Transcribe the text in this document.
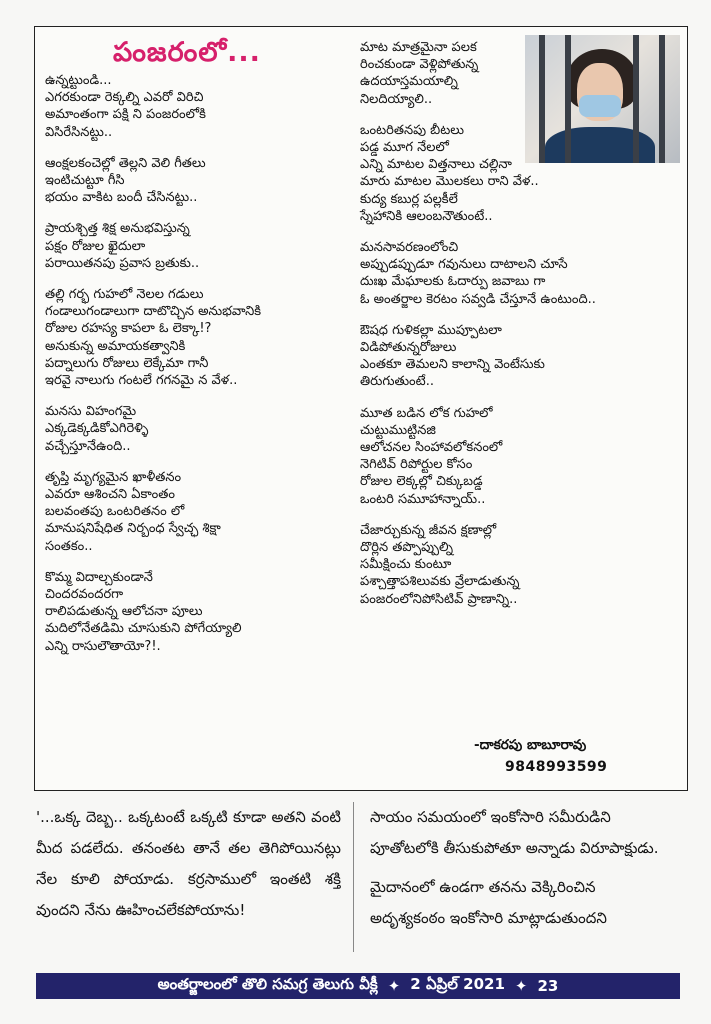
పంజరంలో...
ఉన్నట్టుండి...
ఎగరకుండా రెక్కల్ని ఎవరో విరిచి
అమాంతంగా పక్షి ని పంజరంలోకి
విసిరేసినట్టు..
ఆంక్షలకంచెల్లో తెల్లని వెలి గీతలు
ఇంటిచుట్టూ గీసి
భయం వాకిట బందీ చేసినట్టు..
ప్రాయశ్చిత్త శిక్ష అనుభవిస్తున్న
పక్షం రోజుల ఖైదులా
పరాయితనపు ప్రవాస బ్రతుకు..
తల్లి గర్భ గుహలో నెలల గడులు
గండాలుగండాలుగా దాటొచ్చిన అనుభవానికి
రోజుల రహస్య కాపలా ఓ లెక్కా!?
అనుకున్న అమాయకత్వానికి
పద్నాలుగు రోజులు లెక్కేమా గానీ
ఇరవై నాలుగు గంటలే గగనమై న వేళ..
మనసు విహంగమై
ఎక్కడెక్కడికోఎగిరెళ్ళి
వచ్చేస్తూనేఉంది..
తృప్తి మృగ్యమైన ఖాళీతనం
ఎవరూ ఆశించని ఏకాంతం
బలవంతపు ఒంటరితనం లో
మానుషనిషేధిత నిర్బంధ స్వేచ్ఛ శిక్షా
సంతకం..
కొమ్మ విదాల్చకుండానే
చిందరవందరగా
రాలిపడుతున్న ఆలోచనా పూలు
మదిలోనేతడిమి చూసుకుని పోగేయ్యాలి
ఎన్ని రాసులౌతాయో?!.
మాట మాత్రమైనా పలక
రించకుండా వెళ్లిపోతున్న
ఉదయాస్తమయాల్ని
నిలదియ్యాలి..
ఒంటరితనపు బీటలు
పడ్డ మూగ నేలలో
ఎన్ని మాటల విత్తనాలు చల్లినా
మారు మాటల మొలకలు రాని వేళ..
కుద్య కబుర్ల పల్లకీలే
స్నేహానికి ఆలంబనౌతుంటే..
మనసావరణంలోంచి
అప్పుడప్పుడూ గవునులు దాటాలని చూసే
దుఃఖ మేఘాలకు ఓదార్పు జవాబు గా
ఓ అంతర్జాల కెరటం సవ్వడి చేస్తూనే ఉంటుంది..
ఔషధ గుళికల్లా ముప్పూటలా
విడిపోతున్నరోజులు
ఎంతకూ తెమలని కాలాన్ని వెంటేసుకు
తిరుగుతుంటే..
మూత బడిన లోక గుహలో
చుట్టుముట్టినజి
ఆలోచనల సింహావలోకనంలో
నెగిటివ్ రిపోర్టుల కోసం
రోజుల లెక్కల్లో చిక్కుబడ్డ
ఒంటరి సమూహాన్నాయ్..
చేజార్చుకున్న జీవన క్షణాల్లో
దొర్లిన తప్పొప్పుల్ని
సమీక్షించు కుంటూ
పశ్చాత్తాపశిలువకు వ్రేలాడుతున్న
పంజరంలోనిపోసిటివ్ ప్రాణాన్ని..
-దాకరపు బాబూరావు
9848993599

'...ఒక్క దెబ్బ.. ఒక్కటంటే ఒక్కటి కూడా అతని వంటి మీద పడలేదు. తనంతట తానే తల తెగిపోయినట్లు నేల కూలి పోయాడు. కర్రసాములో ఇంతటి శక్తి వుందని నేను ఊహించలేకపోయాను!

సాయం సమయంలో ఇంకోసారి సమీరుడిని పూతోటలోకి తీసుకుపోతూ అన్నాడు విరూపాక్షుడు.

మైదానంలో ఉండగా తనను వెక్కిరించిన అదృశ్యకంఠం ఇంకోసారి మాట్లాడుతుందని

అంతర్జాలంలో తొలి సమగ్ర తెలుగు వీక్లీ ✦ 2 ఏప్రిల్ 2021 ✦ 23
